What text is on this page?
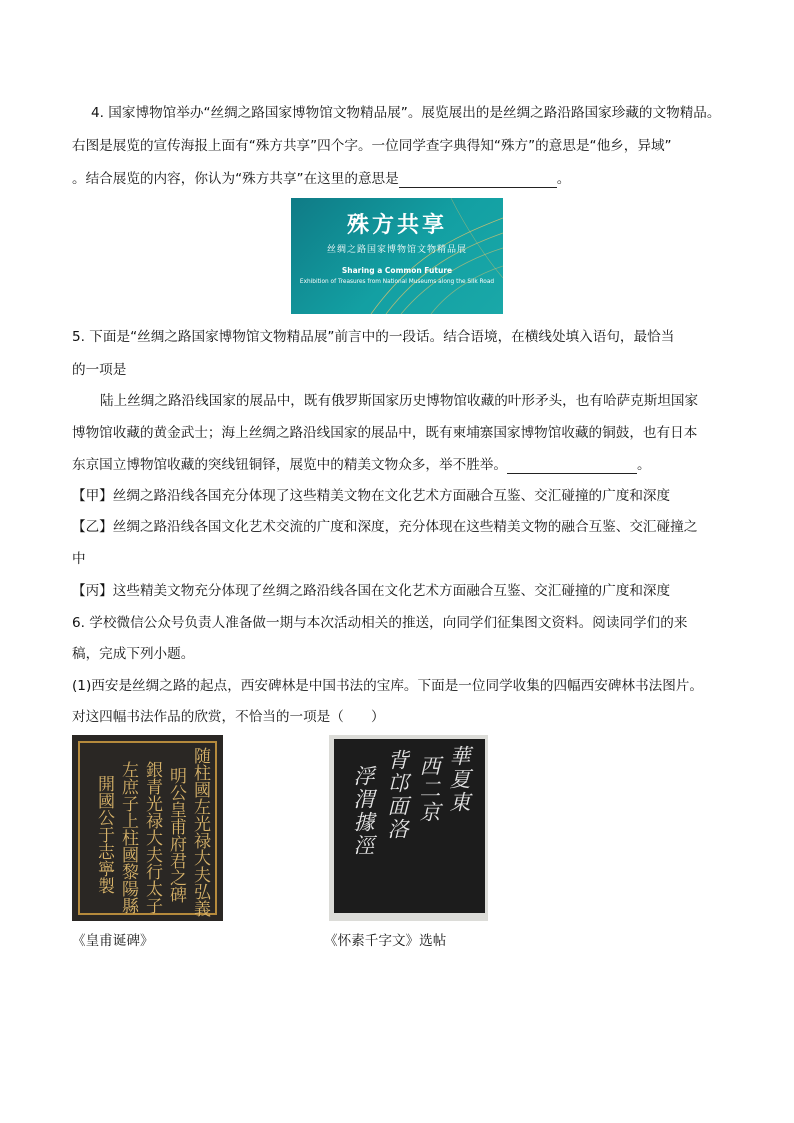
4. 国家博物馆举办“丝绸之路国家博物馆文物精品展”。展览展出的是丝绸之路沿路国家珍藏的文物精品。
右图是展览的宣传海报上面有“殊方共享”四个字。一位同学查字典得知“殊方”的意思是“他乡，异域”
。结合展览的内容，你认为“殊方共享”在这里的意思是	。
殊方共享
丝绸之路国家博物馆文物精品展
Sharing a Common Future
Exhibition of Treasures from National Museums along the Silk Road
5. 下面是“丝绸之路国家博物馆文物精品展”前言中的一段话。结合语境，在横线处填入语句，最恰当
的一项是
陆上丝绸之路沿线国家的展品中，既有俄罗斯国家历史博物馆收藏的叶形矛头，也有哈萨克斯坦国家
博物馆收藏的黄金武士；海上丝绸之路沿线国家的展品中，既有柬埔寨国家博物馆收藏的铜鼓，也有日本
东京国立博物馆收藏的突线钮铜铎，展览中的精美文物众多，举不胜举。	。
【甲】丝绸之路沿线各国充分体现了这些精美文物在文化艺术方面融合互鉴、交汇碰撞的广度和深度
【乙】丝绸之路沿线各国文化艺术交流的广度和深度，充分体现在这些精美文物的融合互鉴、交汇碰撞之
中
【丙】这些精美文物充分体现了丝绸之路沿线各国在文化艺术方面融合互鉴、交汇碰撞的广度和深度
6. 学校微信公众号负责人准备做一期与本次活动相关的推送，向同学们征集图文资料。阅读同学们的来
稿，完成下列小题。
(1)西安是丝绸之路的起点，西安碑林是中国书法的宝库。下面是一位同学收集的四幅西安碑林书法图片。
对这四幅书法作品的欣赏，不恰当的一项是（　　）
随柱國左光禄大夫弘義
明公皇甫府君之碑
銀青光禄大夫行太子
左庶子上柱國黎陽縣
開國公于志寧製
《皇甫诞碑》
華夏東
西二京
背邙面洛
浮渭據涇
《怀素千字文》选帖
